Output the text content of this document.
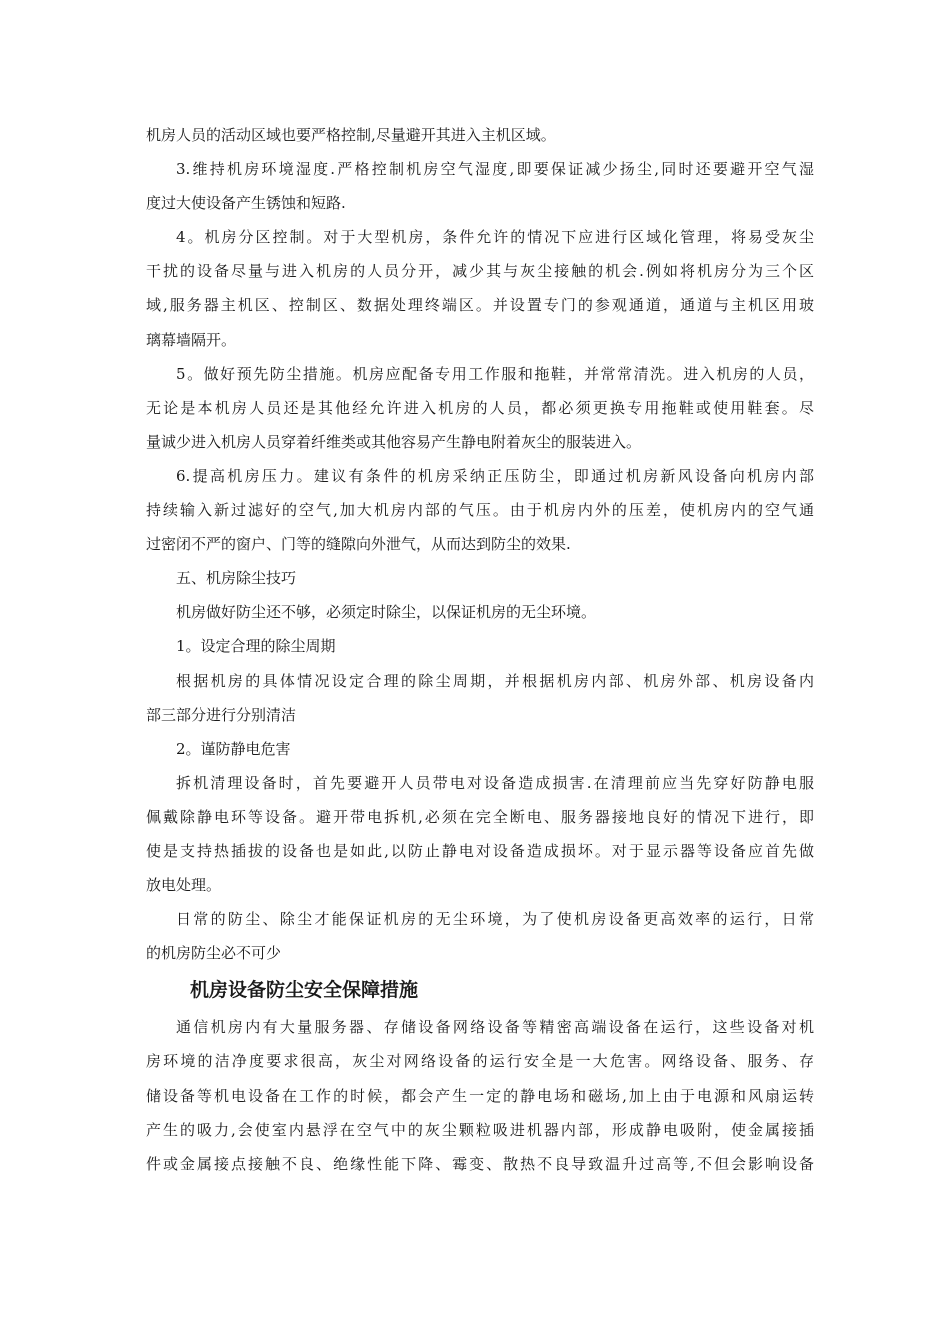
机房人员的活动区域也要严格控制,尽量避开其进入主机区域。
3.维持机房环境湿度.严格控制机房空气湿度,即要保证减少扬尘,同时还要避开空气湿
度过大使设备产生锈蚀和短路.
4。机房分区控制。对于大型机房，条件允许的情况下应进行区域化管理，将易受灰尘
干扰的设备尽量与进入机房的人员分开，减少其与灰尘接触的机会.例如将机房分为三个区
域,服务器主机区、控制区、数据处理终端区。并设置专门的参观通道，通道与主机区用玻
璃幕墙隔开。
5。做好预先防尘措施。机房应配备专用工作服和拖鞋，并常常清洗。进入机房的人员，
无论是本机房人员还是其他经允许进入机房的人员，都必须更换专用拖鞋或使用鞋套。尽
量诚少进入机房人员穿着纤维类或其他容易产生静电附着灰尘的服装进入。
6.提高机房压力。建议有条件的机房采纳正压防尘，即通过机房新风设备向机房内部
持续输入新过滤好的空气,加大机房内部的气压。由于机房内外的压差，使机房内的空气通
过密闭不严的窗户、门等的缝隙向外泄气，从而达到防尘的效果.
五、机房除尘技巧
机房做好防尘还不够，必须定时除尘，以保证机房的无尘环境。
1。设定合理的除尘周期
根据机房的具体情况设定合理的除尘周期，并根据机房内部、机房外部、机房设备内
部三部分进行分别清洁
2。谨防静电危害
拆机清理设备时，首先要避开人员带电对设备造成损害.在清理前应当先穿好防静电服
佩戴除静电环等设备。避开带电拆机,必须在完全断电、服务器接地良好的情况下进行，即
使是支持热插拔的设备也是如此,以防止静电对设备造成损坏。对于显示器等设备应首先做
放电处理。
日常的防尘、除尘才能保证机房的无尘环境，为了使机房设备更高效率的运行，日常
的机房防尘必不可少
机房设备防尘安全保障措施
通信机房内有大量服务器、存储设备网络设备等精密高端设备在运行，这些设备对机
房环境的洁净度要求很高，灰尘对网络设备的运行安全是一大危害。网络设备、服务、存
储设备等机电设备在工作的时候，都会产生一定的静电场和磁场,加上由于电源和风扇运转
产生的吸力,会使室内悬浮在空气中的灰尘颗粒吸进机器内部，形成静电吸附，使金属接插
件或金属接点接触不良、绝缘性能下降、霉变、散热不良导致温升过高等,不但会影响设备
